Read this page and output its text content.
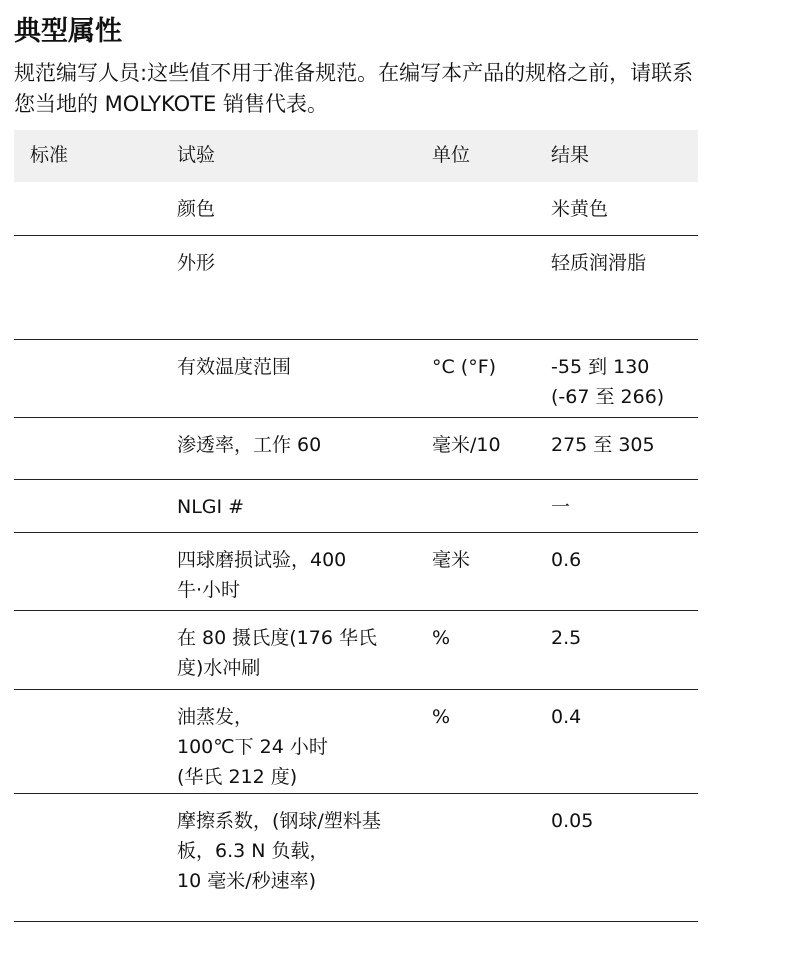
典型属性
规范编写人员:这些值不用于准备规范。在编写本产品的规格之前，请联系您当地的 MOLYKOTE 销售代表。
标准	试验	单位	结果
	颜色		米黄色
	外形		轻质润滑脂
	有效温度范围	°C (°F)	-55 到 130
(-67 至 266)
	渗透率，工作 60	毫米/10	275 至 305
	NLGI #		一
	四球磨损试验，400
牛·小时	毫米	0.6
	在 80 摄氏度(176 华氏
度)水冲刷	%	2.5
	油蒸发，
100℃下 24 小时
(华氏 212 度)	%	0.4
	摩擦系数，(钢球/塑料基
板，6.3 N 负载，
10 毫米/秒速率)		0.05
